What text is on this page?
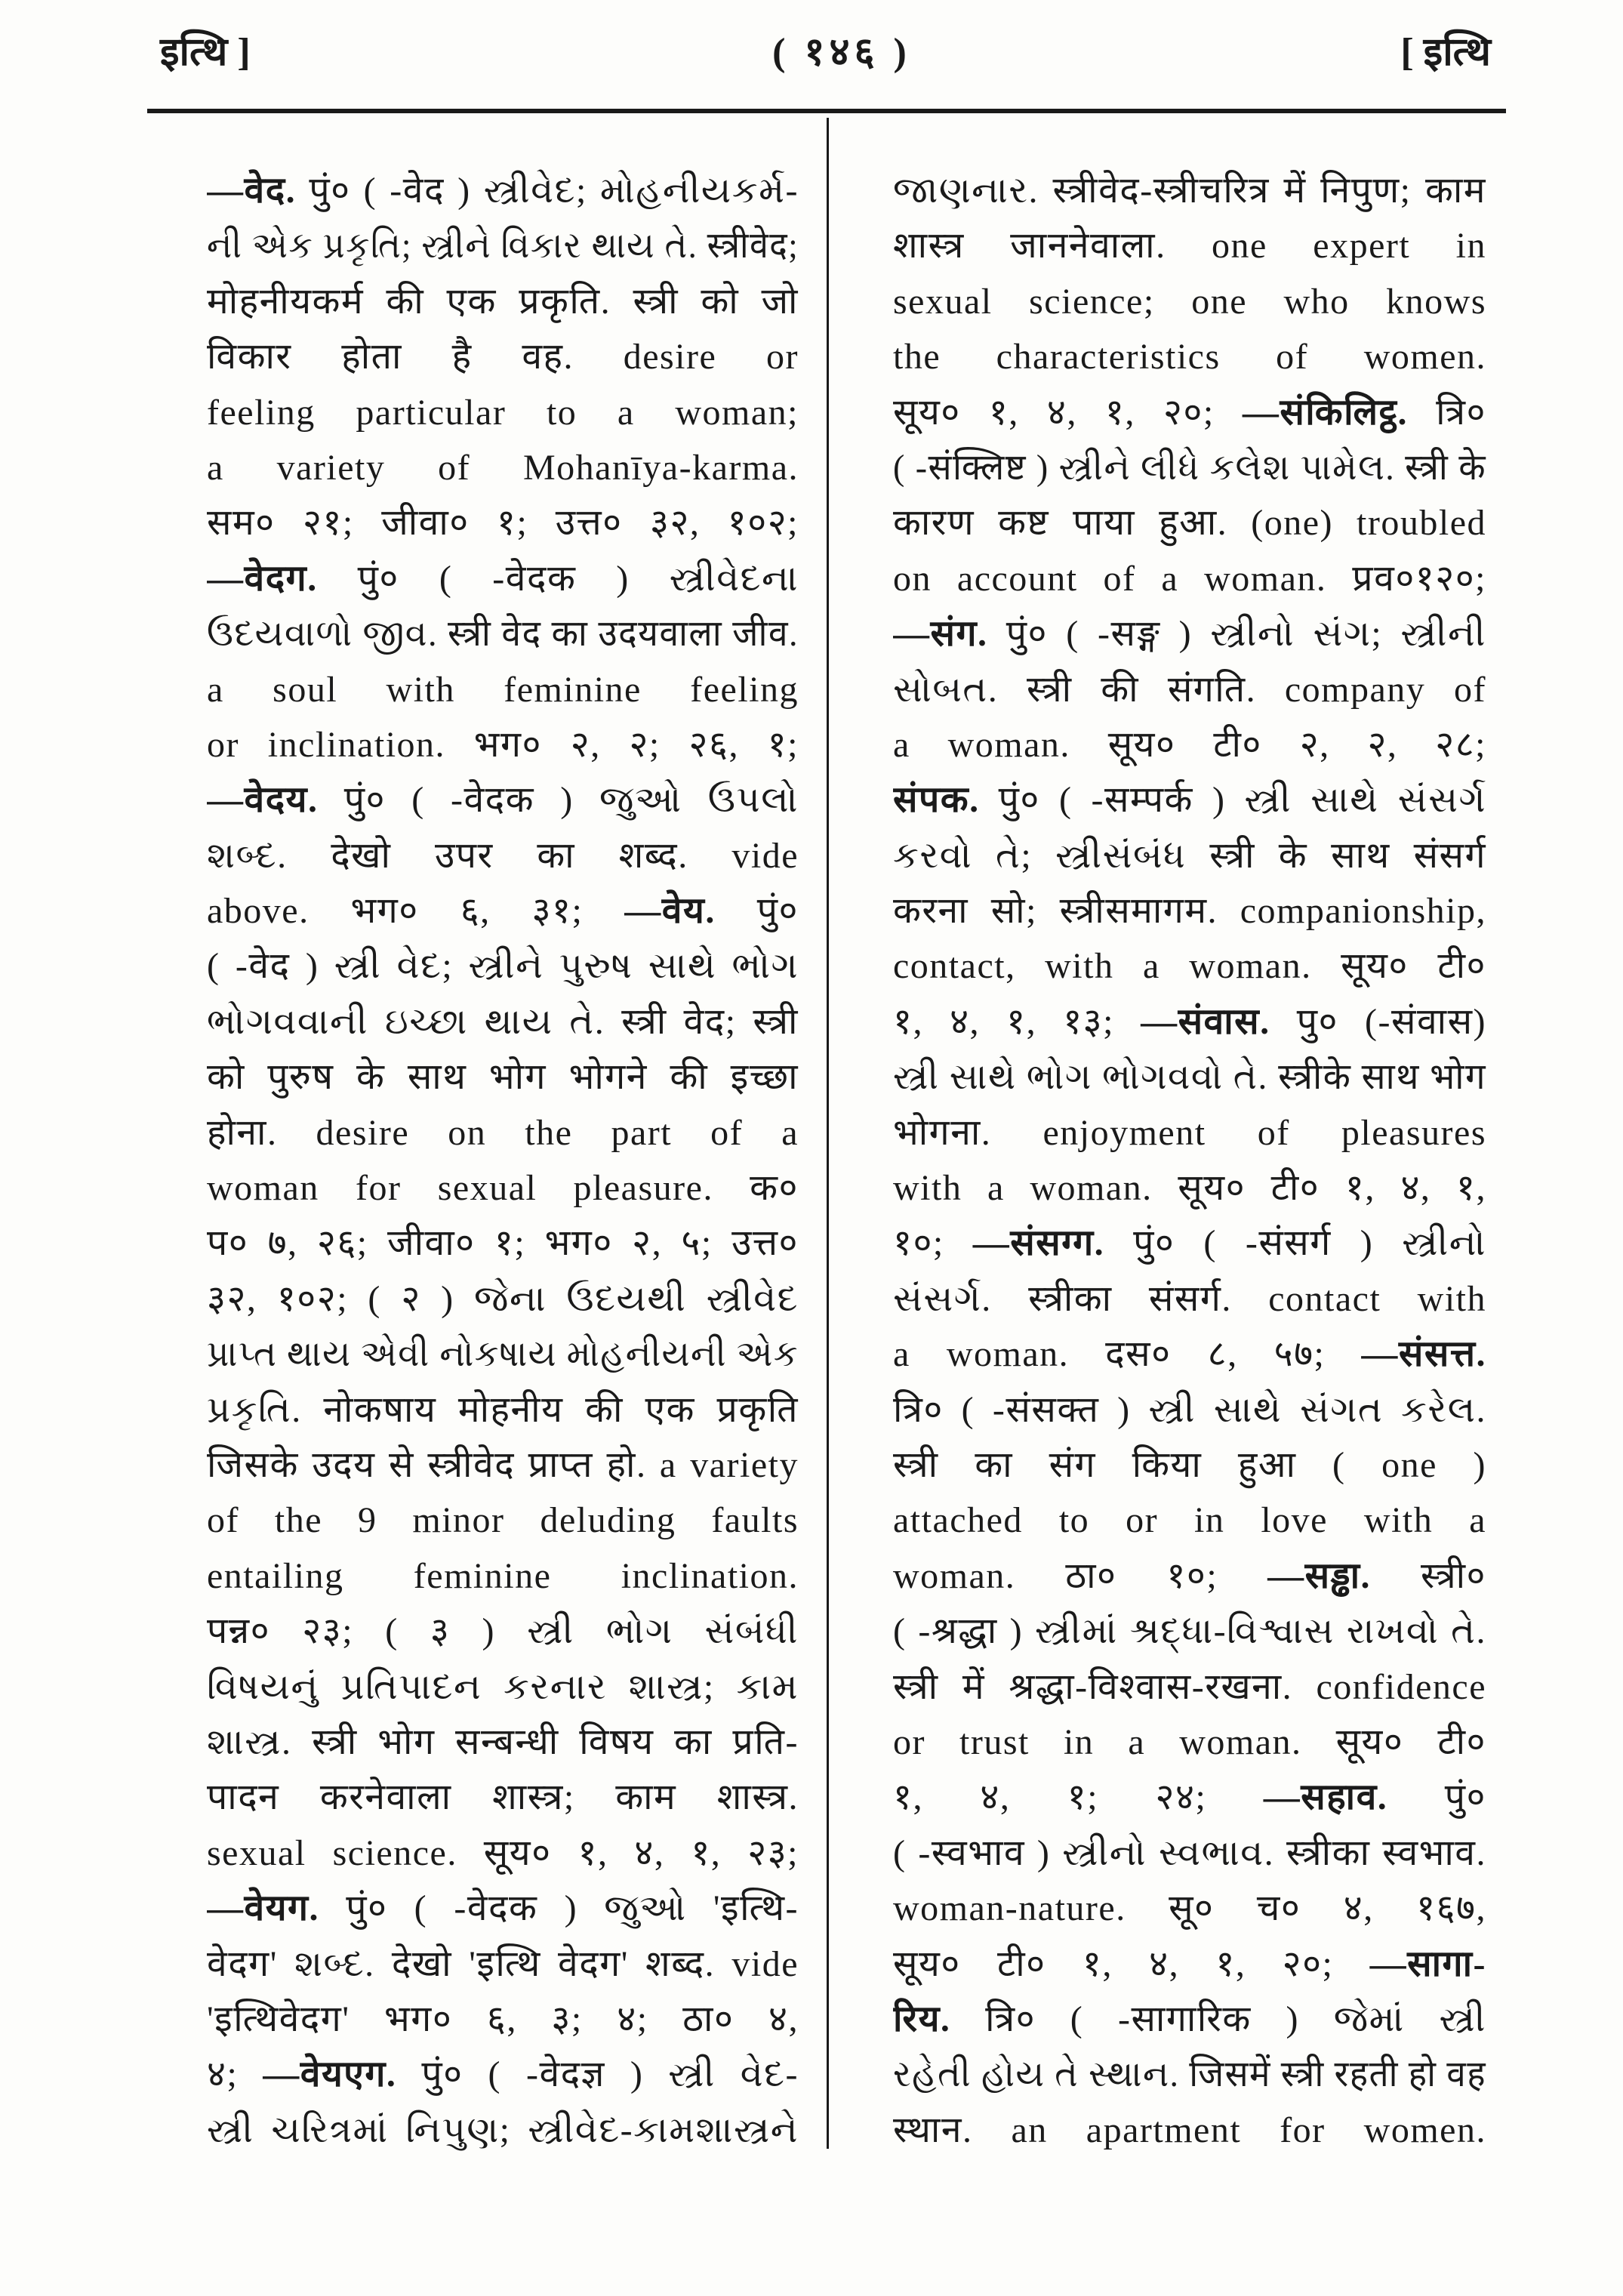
इत्थि ]	( १४६ )	[ इत्थि
—वेद. पुं० ( -वेद ) સ્ત્રીવેદ; મોહનીયકર્મ-
ની એક પ્રકૃતિ; સ્ત્રીને વિકાર થાય તે. स्त्रीवेद;
मोहनीयकर्म की एक प्रकृति. स्त्री को जो
विकार होता है वह. desire or
feeling particular to a woman;
a variety of Mohanīya-karma.
सम० २१; जीवा० १; उत्त० ३२, १०२;
—वेदग. पुं० ( -वेदक ) સ્ત્રીવેદના
ઉદયવાળો જીવ. स्त्री वेद का उदयवाला जीव.
a soul with feminine feeling
or inclination. भग० २, २; २६, १;
—वेदय. पुं० ( -वेदक ) જુઓ ઉપલો
શબ્દ. देखो उपर का शब्द. vide
above. भग० ६, ३१; —वेय. पुं०
( -वेद ) સ્ત્રી વેદ; સ્ત્રીને પુરુષ સાથે ભોગ
ભોગવવાની ઇચ્છા થાય તે. स्त्री वेद; स्त्री
को पुरुष के साथ भोग भोगने की इच्छा
होना. desire on the part of a
woman for sexual pleasure. क०
प० ७, २६; जीवा० १; भग० २, ५; उत्त०
३२, १०२; ( २ ) જેના ઉદયથી સ્ત્રીવેદ
પ્રાપ્ત થાય એવી નોકષાય મોહનીયની એક
પ્રકૃતિ. नोकषाय मोहनीय की एक प्रकृति
जिसके उदय से स्त्रीवेद प्राप्त हो. a variety
of the 9 minor deluding faults
entailing feminine inclination.
पन्न० २३; ( ३ ) સ્ત્રી ભોગ સંબંધી
વિષયનું પ્રતિપાદન કરનાર શાસ્ત્ર; કામ
શાસ્ત્ર. स्त्री भोग सन्बन्धी विषय का प्रति-
पादन करनेवाला शास्त्र; काम शास्त्र.
sexual science. सूय० १, ४, १, २३;
—वेयग. पुं० ( -वेदक ) જુઓ 'इत्थि-
वेदग' શબ્દ. देखो 'इत्थि वेदग' शब्द. vide
'इत्थिवेदग' भग० ६, ३; ४; ठा० ४,
४; —वेयएग. पुं० ( -वेदज्ञ ) સ્ત્રી વેદ-
સ્ત્રી ચરિત્રમાં નિપુણ; સ્ત્રીવેદ-કામશાસ્ત્રને
જાણનાર. स्त्रीवेद-स्त्रीचरित्र में निपुण; काम
शास्त्र जाननेवाला. one expert in
sexual science; one who knows
the characteristics of women.
सूय० १, ४, १, २०; —संकिलिट्ठ. त्रि०
( -संक्लिष्ट ) સ્ત્રીને લીધે કલેશ પામેલ. स्त्री के
कारण कष्ट पाया हुआ. (one) troubled
on account of a woman. प्रव०१२०;
—संग. पुं० ( -सङ्ग ) સ્ત્રીનો સંગ; સ્ત્રીની
સોબત. स्त्री की संगति. company of
a woman. सूय० टी० २, २, २८;
संपक. पुं० ( -सम्पर्क ) સ્ત્રી સાથે સંસર્ગ
કરવો તે; સ્ત્રીસંબંધ स्त्री के साथ संसर्ग
करना सो; स्त्रीसमागम. companionship,
contact, with a woman. सूय० टी०
१, ४, १, १३; —संवास. पु० (-संवास)
સ્ત્રી સાથે ભોગ ભોગવવો તે. स्त्रीके साथ भोग
भोगना. enjoyment of pleasures
with a woman. सूय० टी० १, ४, १,
१०; —संसग्ग. पुं० ( -संसर्ग ) સ્ત્રીનો
સંસર્ગ. स्त्रीका संसर्ग. contact with
a woman. दस० ८, ५७; —संसत्त.
त्रि० ( -संसक्त ) સ્ત્રી સાથે સંગત કરેલ.
स्त्री का संग किया हुआ ( one )
attached to or in love with a
woman. ठा० १०; —सड्ढा. स्त्री०
( -श्रद्धा ) સ્ત્રીમાં શ્રદ્ધા-વિશ્વાસ રાખવો તે.
स्त्री में श्रद्धा-विश्वास-रखना. confidence
or trust in a woman. सूय० टी०
१, ४, १; २४; —सहाव. पुं०
( -स्वभाव ) સ્ત્રીનો સ્વભાવ. स्त्रीका स्वभाव.
woman-nature. सू० च० ४, १६७,
सूय० टी० १, ४, १, २०; —सागा-
रिय. त्रि० ( -सागारिक ) જેમાં સ્ત્રી
રહેતી હોય તે સ્થાન. जिसमें स्त्री रहती हो वह
स्थान. an apartment for women.
